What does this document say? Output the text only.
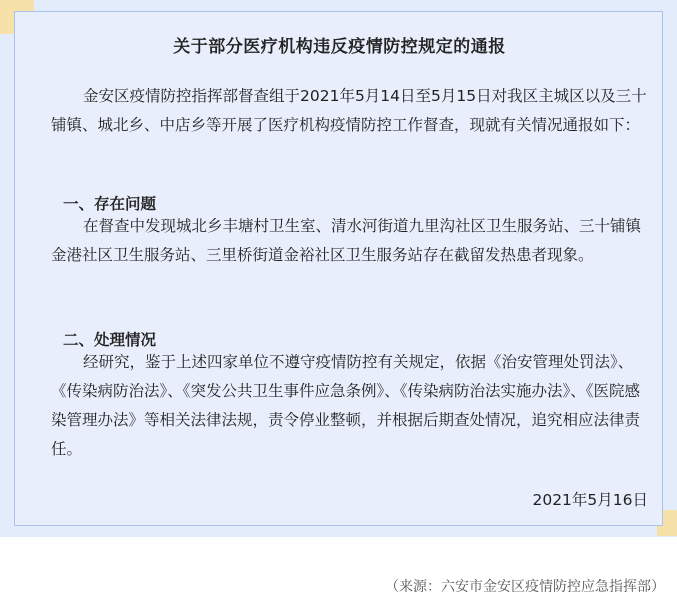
关于部分医疗机构违反疫情防控规定的通报

金安区疫情防控指挥部督查组于2021年5月14日至5月15日对我区主城区以及三十铺镇、城北乡、中店乡等开展了医疗机构疫情防控工作督查，现就有关情况通报如下：

一、存在问题

在督查中发现城北乡丰塘村卫生室、清水河街道九里沟社区卫生服务站、三十铺镇金港社区卫生服务站、三里桥街道金裕社区卫生服务站存在截留发热患者现象。

二、处理情况

经研究，鉴于上述四家单位不遵守疫情防控有关规定，依据《治安管理处罚法》、《传染病防治法》、《突发公共卫生事件应急条例》、《传染病防治法实施办法》、《医院感染管理办法》等相关法律法规，责令停业整顿，并根据后期查处情况，追究相应法律责任。

2021年5月16日
（来源：六安市金安区疫情防控应急指挥部）
